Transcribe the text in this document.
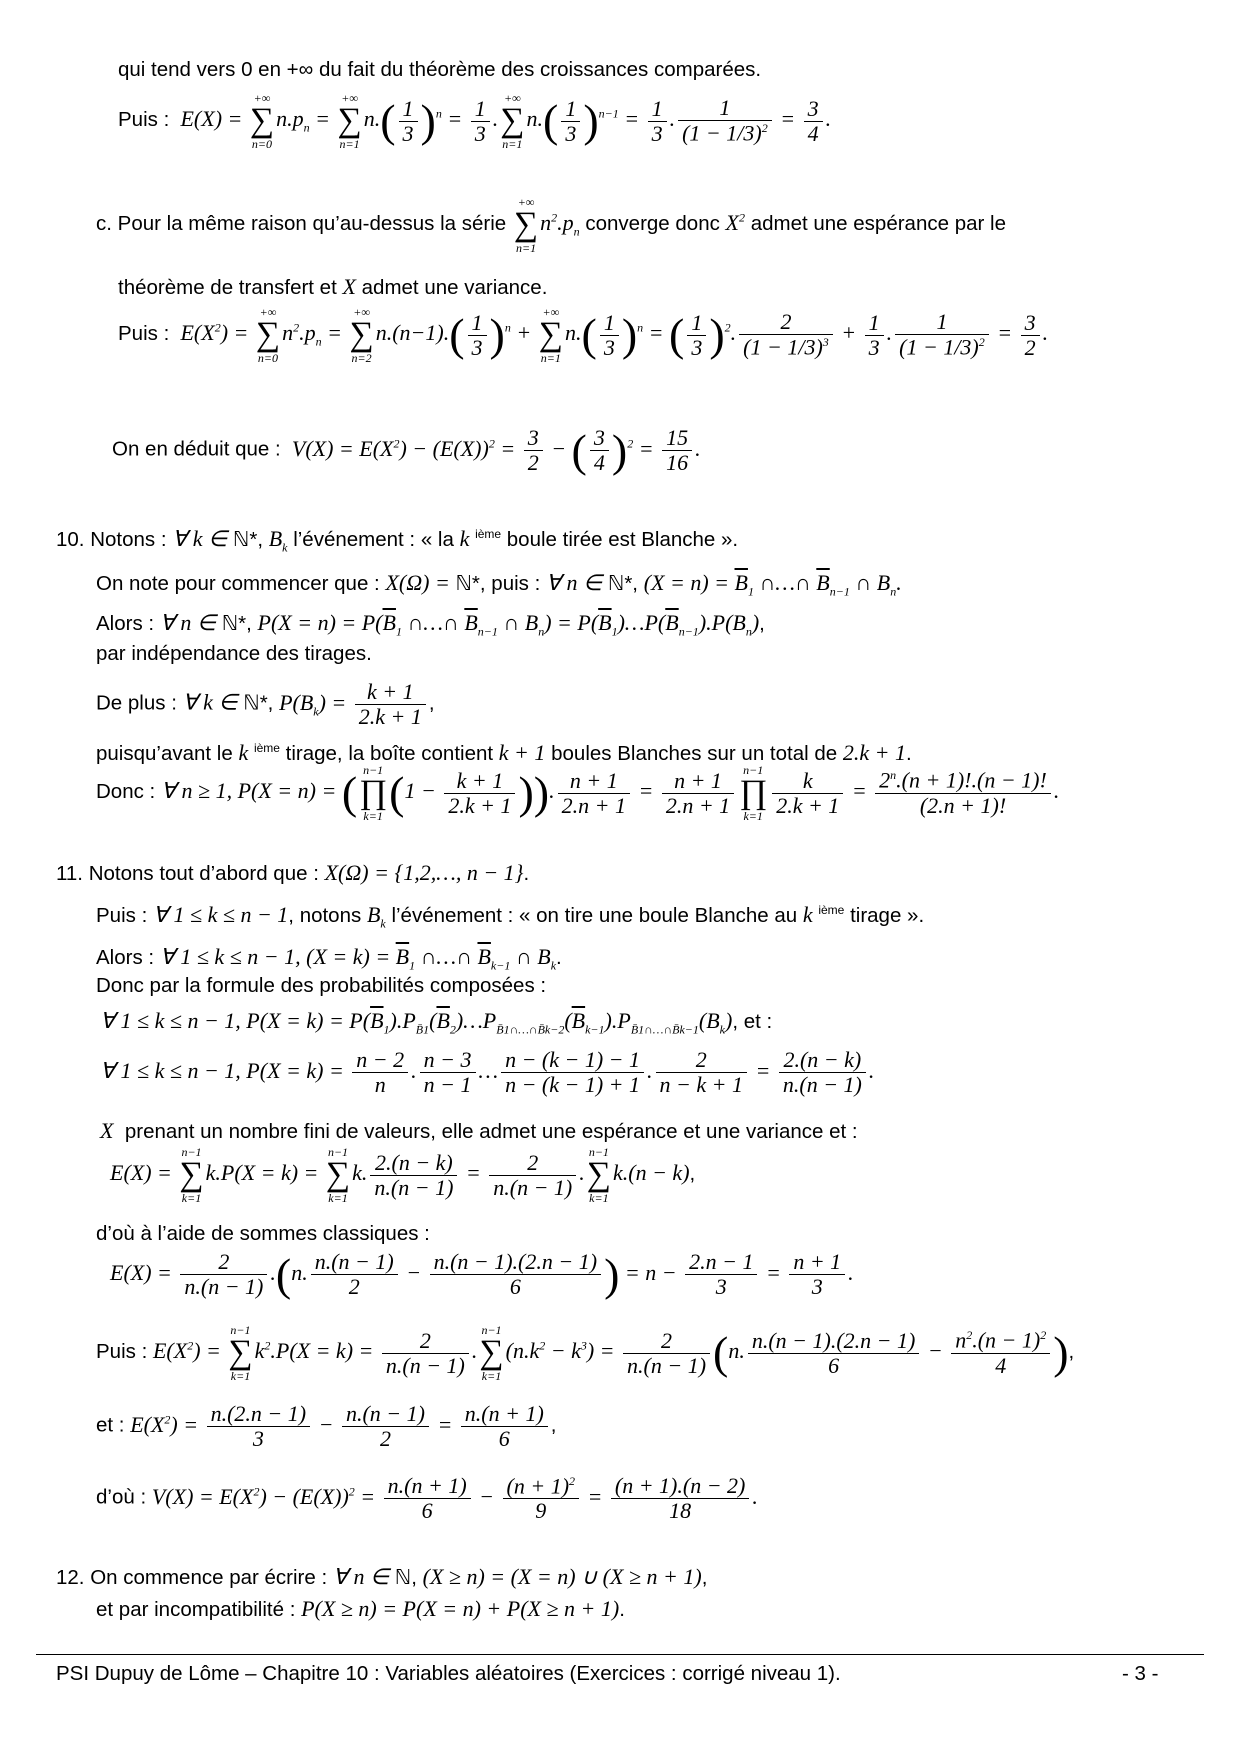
qui tend vers 0 en +∞ du fait du théorème des croissances comparées.
Puis :  E(X) =
+∞
∑
n=0
$n.p_n$ =
+∞
∑
n=1
$n.( \frac{1}{3} )^n = \frac{1}{3}$ .
+∞
∑
n=1
$n.( \frac{1}{3} )^{n-1} = \frac{1}{3}$ . $\frac{1}{(1 - 1/3)^2} = \frac{3}{4}$ .
c. Pour la même raison qu’au-dessus la série
+∞
∑
n=1
$n^2.p_n$ converge donc $X^2$ admet une espérance par le
théorème de transfert et X admet une variance.
Puis :  $E(X^2)$ =
+∞
∑
n=0
$n^2.p_n$ =
+∞
∑
n=2
$n.(n-1).( \frac{1}{3} )^n$ +
+∞
∑
n=1
$n.( \frac{1}{3} )^n$ = ( $\frac{1}{3} )^2$. $\frac{2}{(1 - 1/3)^3} + \frac{1}{3}$ . $\frac{1}{(1 - 1/3)^2} = \frac{3}{2}$ .
On en déduit que :  $V(X) = E(X^2) - (E(X))^2 = \frac{3}{2}$ − ( $\frac{3}{4} )^2 = \frac{15}{16}$ .
10. Notons : ∀ k ∈ ℕ*, $B_k$ l’événement : « la k $^{ième}$ boule tirée est Blanche ».
On note pour commencer que : X(Ω) = ℕ*, puis : ∀ n ∈ ℕ*, $(X = n) = \overline{B}_1$ ∩…∩ $\overline{B}_{n-1}$ ∩ $B_n$.
Alors : ∀ n ∈ ℕ*, $P(X = n) = P(\overline{B}_1$ ∩…∩ $\overline{B}_{n-1}$ ∩ $B_n$) = $P(\overline{B}_1)\dots P(\overline{B}_{n-1}).P(B_n)$,
par indépendance des tirages.
De plus : ∀ k ∈ ℕ*, $P(B_k) = \frac{k + 1}{2.k + 1}$ ,
puisqu’avant le k $^{ième}$ tirage, la boîte contient k + 1 boules Blanches sur un total de 2.k + 1.
Donc : ∀ n ≥ 1, P(X = n) = ( n−1
∏
k=1 ($1 - \frac{k + 1}{2.k + 1}$ )). $\frac{n + 1}{2.n + 1} = \frac{n + 1}{2.n + 1} n-1$
∏
$k=1 \frac{k}{2.k + 1} = \frac{2^n.(n + 1)!.(n - 1)!}{(2.n + 1)!}$ .
11. Notons tout d’abord que : X(Ω) = {1,2,…, n − 1}.
Puis : ∀ 1 ≤ k ≤ n − 1, notons $B_k$ l’événement : « on tire une boule Blanche au k $^{ième}$ tirage ».
Alors : ∀ 1 ≤ k ≤ n − 1, $(X = k) = \overline{B}_1$ ∩…∩ $\overline{B}_{k-1}$ ∩ $B_k$.
Donc par la formule des probabilités composées :
∀ 1 ≤ k ≤ n − 1, $P(X = k) = P(\overline{B}_1).P_{B̄1}(\overline{B}_2)\dots P_{B̄1\cap\dots\cap B̄k-2}(\overline{B}_{k-1}).P_{B̄1\cap\dots\cap B̄k-1}(B_k)$, et :
∀ 1 ≤ k ≤ n − 1, $P(X = k) = \frac{n - 2}{n}$ . $\frac{n - 3}{n - 1}$ … $\frac{n - (k - 1) - 1}{n - (k - 1) + 1}$ . $\frac{2}{n - k + 1} = \frac{2.(n - k)}{n.(n - 1)}$ .
X prenant un nombre fini de valeurs, elle admet une espérance et une variance et :
E(X) =
n−1
∑
k=1
k.P(X = k) =
n−1
∑
k=1
k. $\frac{2.(n - k)}{n.(n - 1)} = \frac{2}{n.(n - 1)}$ .
n−1
∑
k=1
k.(n − k),
d’où à l’aide de sommes classiques :
$E(X) = \frac{2}{n.(n - 1)} .(n$. $\frac{n.(n - 1)}{2} - \frac{n.(n - 1).(2.n - 1)}{6}$ ) = $n - \frac{2.n - 1}{3} = \frac{n + 1}{3}$ .
Puis : $E(X^2)$ =
n−1
∑
k=1
$k^2.P(X = k) = \frac{2}{n.(n - 1)}$ .
n−1
∑
k=1
$(n.k^2 - k^3) = \frac{2}{n.(n - 1)} (n$. $\frac{n.(n - 1).(2.n - 1)}{6} - \frac{n^2.(n - 1)^2}{4}$ ),
et : $E(X^2) = \frac{n.(2.n - 1)}{3} - \frac{n.(n - 1)}{2} = \frac{n.(n + 1)}{6}$ ,
d’où : $V(X) = E(X^2) - (E(X))^2 = \frac{n.(n + 1)}{6} - \frac{(n + 1)^2}{9} = \frac{(n + 1).(n - 2)}{18}$ .
12. On commence par écrire : ∀ n ∈ ℕ, (X ≥ n) = (X = n) ∪ (X ≥ n + 1),
et par incompatibilité : P(X ≥ n) = P(X = n) + P(X ≥ n + 1).
PSI Dupuy de Lôme – Chapitre 10 : Variables aléatoires (Exercices : corrigé niveau 1).	- 3 -
